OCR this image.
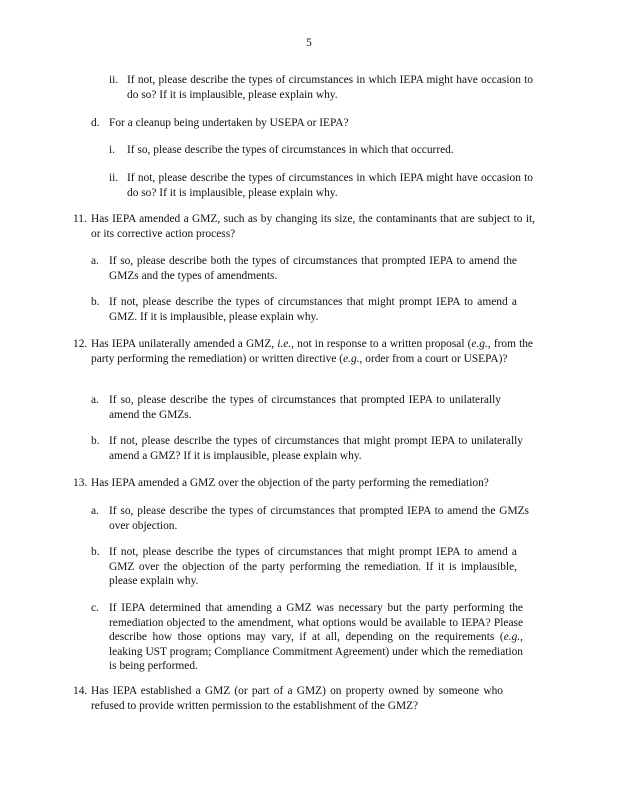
5
ii. If not, please describe the types of circumstances in which IEPA might have occasion to do so? If it is implausible, please explain why.
d. For a cleanup being undertaken by USEPA or IEPA?
i. If so, please describe the types of circumstances in which that occurred.
ii. If not, please describe the types of circumstances in which IEPA might have occasion to do so? If it is implausible, please explain why.
11. Has IEPA amended a GMZ, such as by changing its size, the contaminants that are subject to it, or its corrective action process?
a. If so, please describe both the types of circumstances that prompted IEPA to amend the GMZs and the types of amendments.
b. If not, please describe the types of circumstances that might prompt IEPA to amend a GMZ. If it is implausible, please explain why.
12. Has IEPA unilaterally amended a GMZ, i.e., not in response to a written proposal (e.g., from the party performing the remediation) or written directive (e.g., order from a court or USEPA)?
a. If so, please describe the types of circumstances that prompted IEPA to unilaterally amend the GMZs.
b. If not, please describe the types of circumstances that might prompt IEPA to unilaterally amend a GMZ? If it is implausible, please explain why.
13. Has IEPA amended a GMZ over the objection of the party performing the remediation?
a. If so, please describe the types of circumstances that prompted IEPA to amend the GMZs over objection.
b. If not, please describe the types of circumstances that might prompt IEPA to amend a GMZ over the objection of the party performing the remediation. If it is implausible, please explain why.
c. If IEPA determined that amending a GMZ was necessary but the party performing the remediation objected to the amendment, what options would be available to IEPA? Please describe how those options may vary, if at all, depending on the requirements (e.g., leaking UST program; Compliance Commitment Agreement) under which the remediation is being performed.
14. Has IEPA established a GMZ (or part of a GMZ) on property owned by someone who refused to provide written permission to the establishment of the GMZ?
